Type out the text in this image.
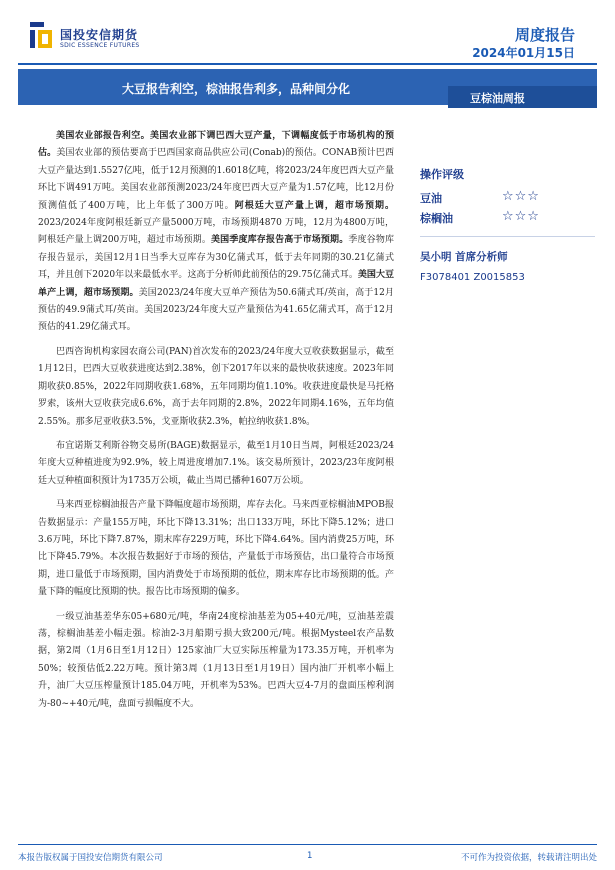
国投安信期货
SDIC ESSENCE FUTURES
周度报告
2024年01月15日
大豆报告利空，棕油报告利多，品种间分化
豆棕油周报

美国农业部报告利空。美国农业部下调巴西大豆产量，下调幅度低于市场机构的预估。美国农业部的预估要高于巴西国家商品供应公司(Conab)的预估。CONAB预计巴西大豆产量达到1.5527亿吨，低于12月预测的1.6018亿吨，将2023/24年度巴西大豆产量环比下调491万吨。美国农业部预测2023/24年度巴西大豆产量为1.57亿吨，比12月份预测值低了400万吨，比上年低了300万吨。阿根廷大豆产量上调，超市场预期。2023/2024年度阿根廷新豆产量5000万吨，市场预期4870 万吨，12月为4800万吨，阿根廷产量上调200万吨，超过市场预期。美国季度库存报告高于市场预期。季度谷物库存报告显示，美国12月1日当季大豆库存为30亿蒲式耳，低于去年同期的30.21亿蒲式耳，并且创下2020年以来最低水平。这高于分析师此前预估的29.75亿蒲式耳。美国大豆单产上调，超市场预期。美国2023/24年度大豆单产预估为50.6蒲式耳/英亩，高于12月预估的49.9蒲式耳/英亩。美国2023/24年度大豆产量预估为41.65亿蒲式耳，高于12月预估的41.29亿蒲式耳。

巴西咨询机构家园农商公司(PAN)首次发布的2023/24年度大豆收获数据显示，截至1月12日，巴西大豆收获进度达到2.38%，创下2017年以来的最快收获速度。2023年同期收获0.85%，2022年同期收获1.68%，五年同期均值1.10%。收获进度最快是马托格罗索，该州大豆收获完成6.6%，高于去年同期的2.8%，2022年同期4.16%，五年均值2.55%。那多尼亚收获3.5%，戈亚斯收获2.3%，帕拉纳收获1.8%。

布宜诺斯艾利斯谷物交易所(BAGE)数据显示，截至1月10日当周，阿根廷2023/24年度大豆种植进度为92.9%，较上周进度增加7.1%。该交易所预计，2023/23年度阿根廷大豆种植面积预计为1735万公顷，截止当周已播种1607万公顷。

马来西亚棕榈油报告产量下降幅度超市场预期，库存去化。马来西亚棕榈油MPOB报告数据显示：产量155万吨，环比下降13.31%；出口133万吨，环比下降5.12%；进口3.6万吨，环比下降7.87%，期末库存229万吨，环比下降4.64%。国内消费25万吨，环比下降45.79%。本次报告数据好于市场的预估，产量低于市场预估，出口量符合市场预期，进口量低于市场预期，国内消费处于市场预期的低位，期末库存比市场预期的低。产量下降的幅度比预期的快。报告比市场预期的偏多。

一级豆油基差华东05+680元/吨，华南24度棕油基差为05+40元/吨，豆油基差震荡，棕榈油基差小幅走强。棕油2-3月船期亏损大致200元/吨。根据Mysteel农产品数据，第2周（1月6日至1月12日）125家油厂大豆实际压榨量为173.35万吨，开机率为50%；较预估低2.22万吨。预计第3周（1月13日至1月19日）国内油厂开机率小幅上升，油厂大豆压榨量预计185.04万吨，开机率为53%。巴西大豆4-7月的盘面压榨利润为-80~+40元/吨，盘面亏损幅度不大。

操作评级
豆油	☆☆☆
棕榈油	☆☆☆
吴小明 首席分析师
F3078401 Z0015853
本报告版权属于国投安信期货有限公司	1	不可作为投资依据，转载请注明出处
